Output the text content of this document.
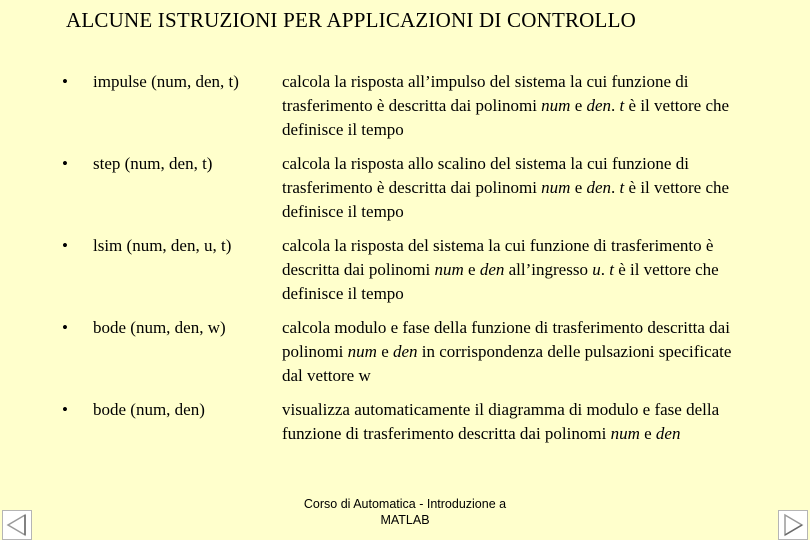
ALCUNE ISTRUZIONI PER APPLICAZIONI DI CONTROLLO
• impulse (num, den, t)	calcola la risposta all’impulso del sistema la cui funzione di trasferimento è descritta dai polinomi num e den. t è il vettore che definisce il tempo
• step (num, den, t)	calcola la risposta allo scalino del sistema la cui funzione di trasferimento è descritta dai polinomi num e den. t è il vettore che definisce il tempo
• lsim (num, den, u, t)	calcola la risposta del sistema la cui funzione di trasferimento è descritta dai polinomi num e den all’ingresso u. t è il vettore che definisce il tempo
• bode (num, den, w)	calcola modulo e fase della funzione di trasferimento descritta dai polinomi num e den in corrispondenza delle pulsazioni specificate dal vettore w
• bode (num, den)	visualizza automaticamente il diagramma di modulo e fase della funzione di trasferimento descritta dai polinomi num e den
Corso di Automatica - Introduzione a
MATLAB
